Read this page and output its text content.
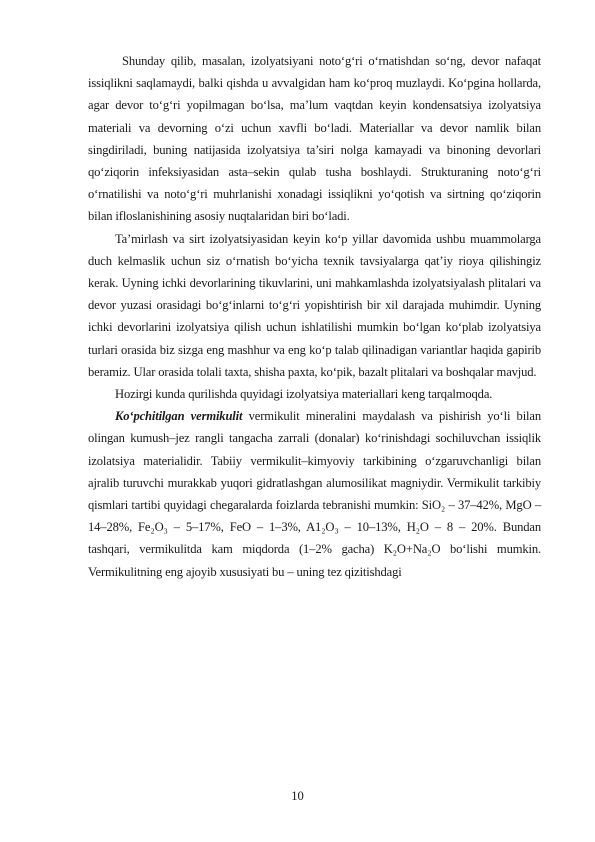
Shunday qilib, masalan, izolyatsiyani notoʻgʻri oʻrnatishdan soʻng, devor nafaqat issiqlikni saqlamaydi, balki qishda u avvalgidan ham koʻproq muzlaydi. Koʻpgina hollarda, agar devor toʻgʻri yopilmagan boʻlsa, ma’lum vaqtdan keyin kondensatsiya izolyatsiya materiali va devorning oʻzi uchun xavfli boʻladi. Materiallar va devor namlik bilan singdiriladi, buning natijasida izolyatsiya ta’siri nolga kamayadi va binoning devorlari qoʻziqorin infeksiyasidan asta–sekin qulab tusha boshlaydi. Strukturaning notoʻgʻri oʻrnatilishi va notoʻgʻri muhrlanishi xonadagi issiqlikni yoʻqotish va sirtning qoʻziqorin bilan ifloslanishining asosiy nuqtalaridan biri boʻladi.

Ta’mirlash va sirt izolyatsiyasidan keyin koʻp yillar davomida ushbu muammolarga duch kelmaslik uchun siz oʻrnatish boʻyicha texnik tavsiyalarga qat’iy rioya qilishingiz kerak. Uyning ichki devorlarining tikuvlarini, uni mahkamlashda izolyatsiyalash plitalari va devor yuzasi orasidagi boʻgʻinlarni toʻgʻri yopishtirish bir xil darajada muhimdir. Uyning ichki devorlarini izolyatsiya qilish uchun ishlatilishi mumkin boʻlgan koʻplab izolyatsiya turlari orasida biz sizga eng mashhur va eng koʻp talab qilinadigan variantlar haqida gapirib beramiz. Ular orasida tolali taxta, shisha paxta, koʻpik, bazalt plitalari va boshqalar mavjud.

Hozirgi kunda qurilishda quyidagi izolyatsiya materiallari keng tarqalmoqda.

Koʻpchitilgan vermikulit vermikulit mineralini maydalash va pishirish yoʻli bilan olingan kumush–jez rangli tangacha zarrali (donalar) koʻrinishdagi sochiluvchan issiqlik izolatsiya materialidir. Tabiiy vermikulit–kimyoviy tarkibining oʻzgaruvchanligi bilan ajralib turuvchi murakkab yuqori gidratlashgan alumosilikat magniydir. Vermikulit tarkibiy qismlari tartibi quyidagi chegaralarda foizlarda tebranishi mumkin: SiO₂ – 37–42%, MgO – 14–28%, Fe₂O₃ – 5–17%, FeO – 1–3%, A1₂O₃ – 10–13%, H₂O – 8 – 20%. Bundan tashqari, vermikulitda kam miqdorda (1–2% gacha) K₂O+Na₂O boʻlishi mumkin. Vermikulitning eng ajoyib xususiyati bu – uning tez qizitishdagi

10
